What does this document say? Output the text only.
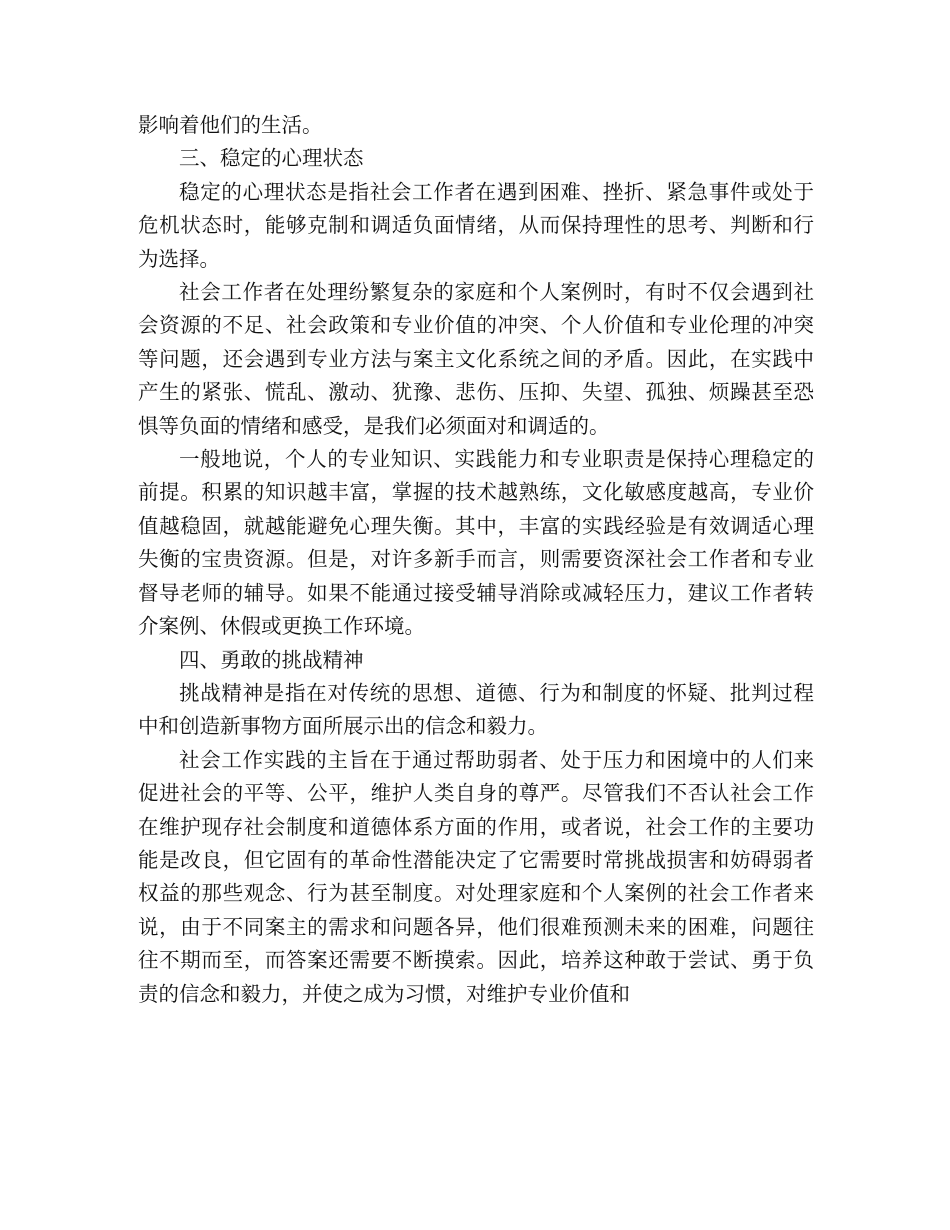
影响着他们的生活。

三、稳定的心理状态

稳定的心理状态是指社会工作者在遇到困难、挫折、紧急事件或处于危机状态时，能够克制和调适负面情绪，从而保持理性的思考、判断和行为选择。

社会工作者在处理纷繁复杂的家庭和个人案例时，有时不仅会遇到社会资源的不足、社会政策和专业价值的冲突、个人价值和专业伦理的冲突等问题，还会遇到专业方法与案主文化系统之间的矛盾。因此，在实践中产生的紧张、慌乱、激动、犹豫、悲伤、压抑、失望、孤独、烦躁甚至恐惧等负面的情绪和感受，是我们必须面对和调适的。

一般地说，个人的专业知识、实践能力和专业职责是保持心理稳定的前提。积累的知识越丰富，掌握的技术越熟练，文化敏感度越高，专业价值越稳固，就越能避免心理失衡。其中，丰富的实践经验是有效调适心理失衡的宝贵资源。但是，对许多新手而言，则需要资深社会工作者和专业督导老师的辅导。如果不能通过接受辅导消除或减轻压力，建议工作者转介案例、休假或更换工作环境。

四、勇敢的挑战精神

挑战精神是指在对传统的思想、道德、行为和制度的怀疑、批判过程中和创造新事物方面所展示出的信念和毅力。

社会工作实践的主旨在于通过帮助弱者、处于压力和困境中的人们来促进社会的平等、公平，维护人类自身的尊严。尽管我们不否认社会工作在维护现存社会制度和道德体系方面的作用，或者说，社会工作的主要功能是改良，但它固有的革命性潜能决定了它需要时常挑战损害和妨碍弱者权益的那些观念、行为甚至制度。对处理家庭和个人案例的社会工作者来说，由于不同案主的需求和问题各异，他们很难预测未来的困难，问题往往不期而至，而答案还需要不断摸索。因此，培养这种敢于尝试、勇于负责的信念和毅力，并使之成为习惯，对维护专业价值和
